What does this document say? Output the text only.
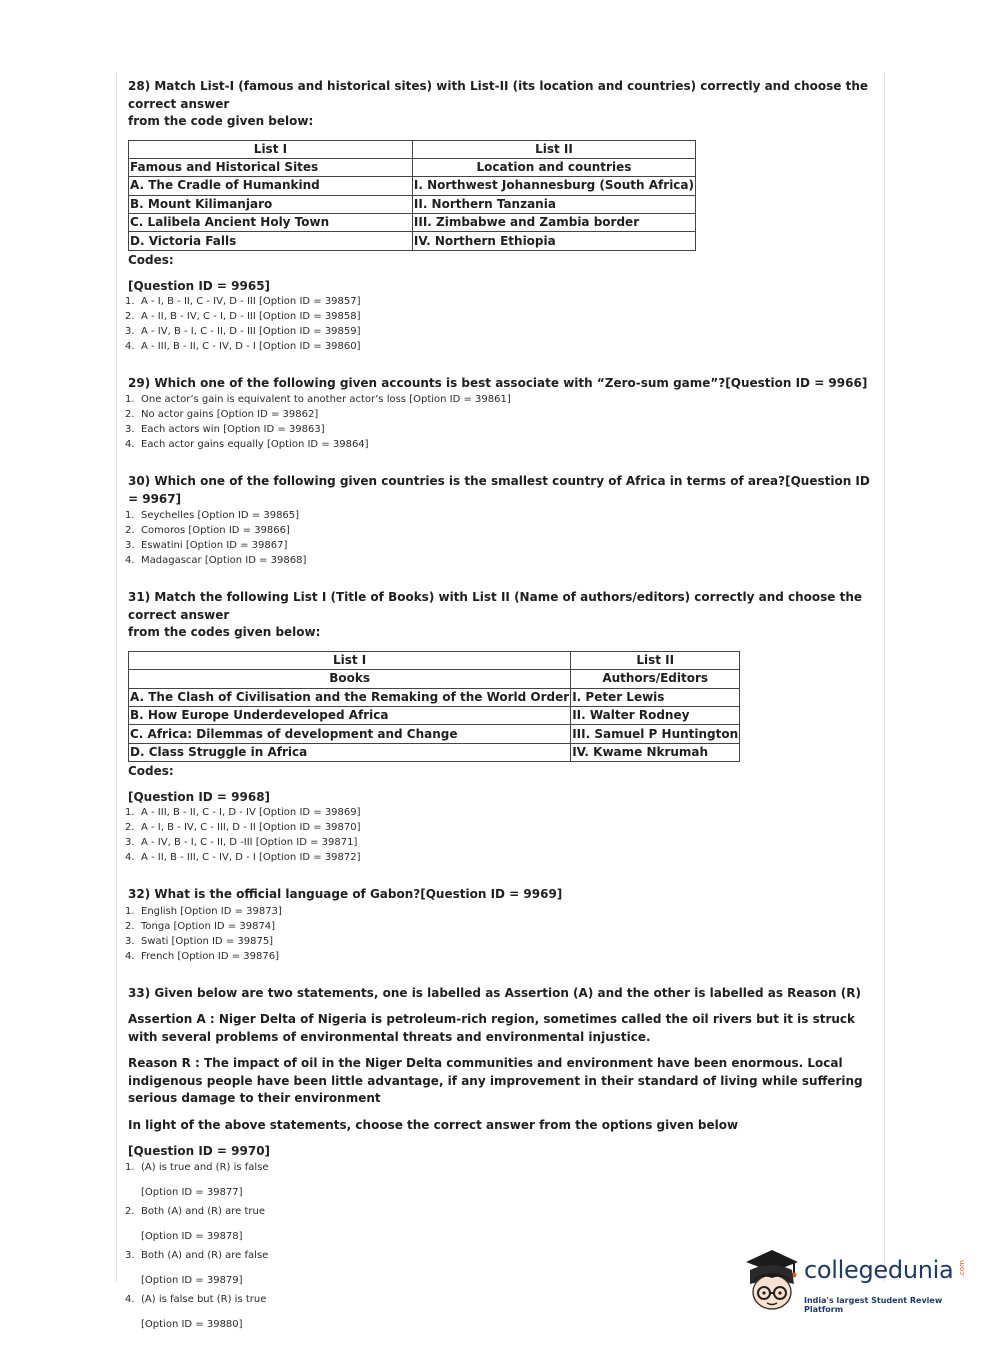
28) Match List-I (famous and historical sites) with List-II (its location and countries) correctly and choose the correct answer
from the code given below:

List I	List II
Famous and Historical Sites	Location and countries
A. The Cradle of Humankind	I. Northwest Johannesburg (South Africa)
B. Mount Kilimanjaro	II. Northern Tanzania
C. Lalibela Ancient Holy Town	III. Zimbabwe and Zambia border
D. Victoria Falls	IV. Northern Ethiopia

Codes:

[Question ID = 9965]

1. A - I, B - II, C - IV, D - III [Option ID = 39857]
2. A - II, B - IV, C - I, D - III [Option ID = 39858]
3. A - IV, B - I, C - II, D - III [Option ID = 39859]
4. A - III, B - II, C - IV, D - I [Option ID = 39860]

29) Which one of the following given accounts is best associate with “Zero-sum game”?[Question ID = 9966]

1. One actor’s gain is equivalent to another actor’s loss [Option ID = 39861]
2. No actor gains [Option ID = 39862]
3. Each actors win [Option ID = 39863]
4. Each actor gains equally [Option ID = 39864]

30) Which one of the following given countries is the smallest country of Africa in terms of area?[Question ID = 9967]

1. Seychelles [Option ID = 39865]
2. Comoros [Option ID = 39866]
3. Eswatini [Option ID = 39867]
4. Madagascar [Option ID = 39868]

31) Match the following List I (Title of Books) with List II (Name of authors/editors) correctly and choose the correct answer
from the codes given below:

List I	List II
Books	Authors/Editors
A. The Clash of Civilisation and the Remaking of the World Order	I. Peter Lewis
B. How Europe Underdeveloped Africa	II. Walter Rodney
C. Africa: Dilemmas of development and Change	III. Samuel P Huntington
D. Class Struggle in Africa	IV. Kwame Nkrumah

Codes:

[Question ID = 9968]

1. A - III, B - II, C - I, D - IV [Option ID = 39869]
2. A - I, B - IV, C - III, D - II [Option ID = 39870]
3. A - IV, B - I, C - II, D -III [Option ID = 39871]
4. A - II, B - III, C - IV, D - I [Option ID = 39872]

32) What is the official language of Gabon?[Question ID = 9969]

1. English [Option ID = 39873]
2. Tonga [Option ID = 39874]
3. Swati [Option ID = 39875]
4. French [Option ID = 39876]

33) Given below are two statements, one is labelled as Assertion (A) and the other is labelled as Reason (R)

Assertion A : Niger Delta of Nigeria is petroleum-rich region, sometimes called the oil rivers but it is struck with several problems of environmental threats and environmental injustice.

Reason R : The impact of oil in the Niger Delta communities and environment have been enormous. Local indigenous people have been little advantage, if any improvement in their standard of living while suffering serious damage to their environment

In light of the above statements, choose the correct answer from the options given below

[Question ID = 9970]

1. (A) is true and (R) is false
[Option ID = 39877]
2. Both (A) and (R) are true
[Option ID = 39878]
3. Both (A) and (R) are false
[Option ID = 39879]
4. (A) is false but (R) is true
[Option ID = 39880]
collegedunia .com
India's largest Student Review Platform
